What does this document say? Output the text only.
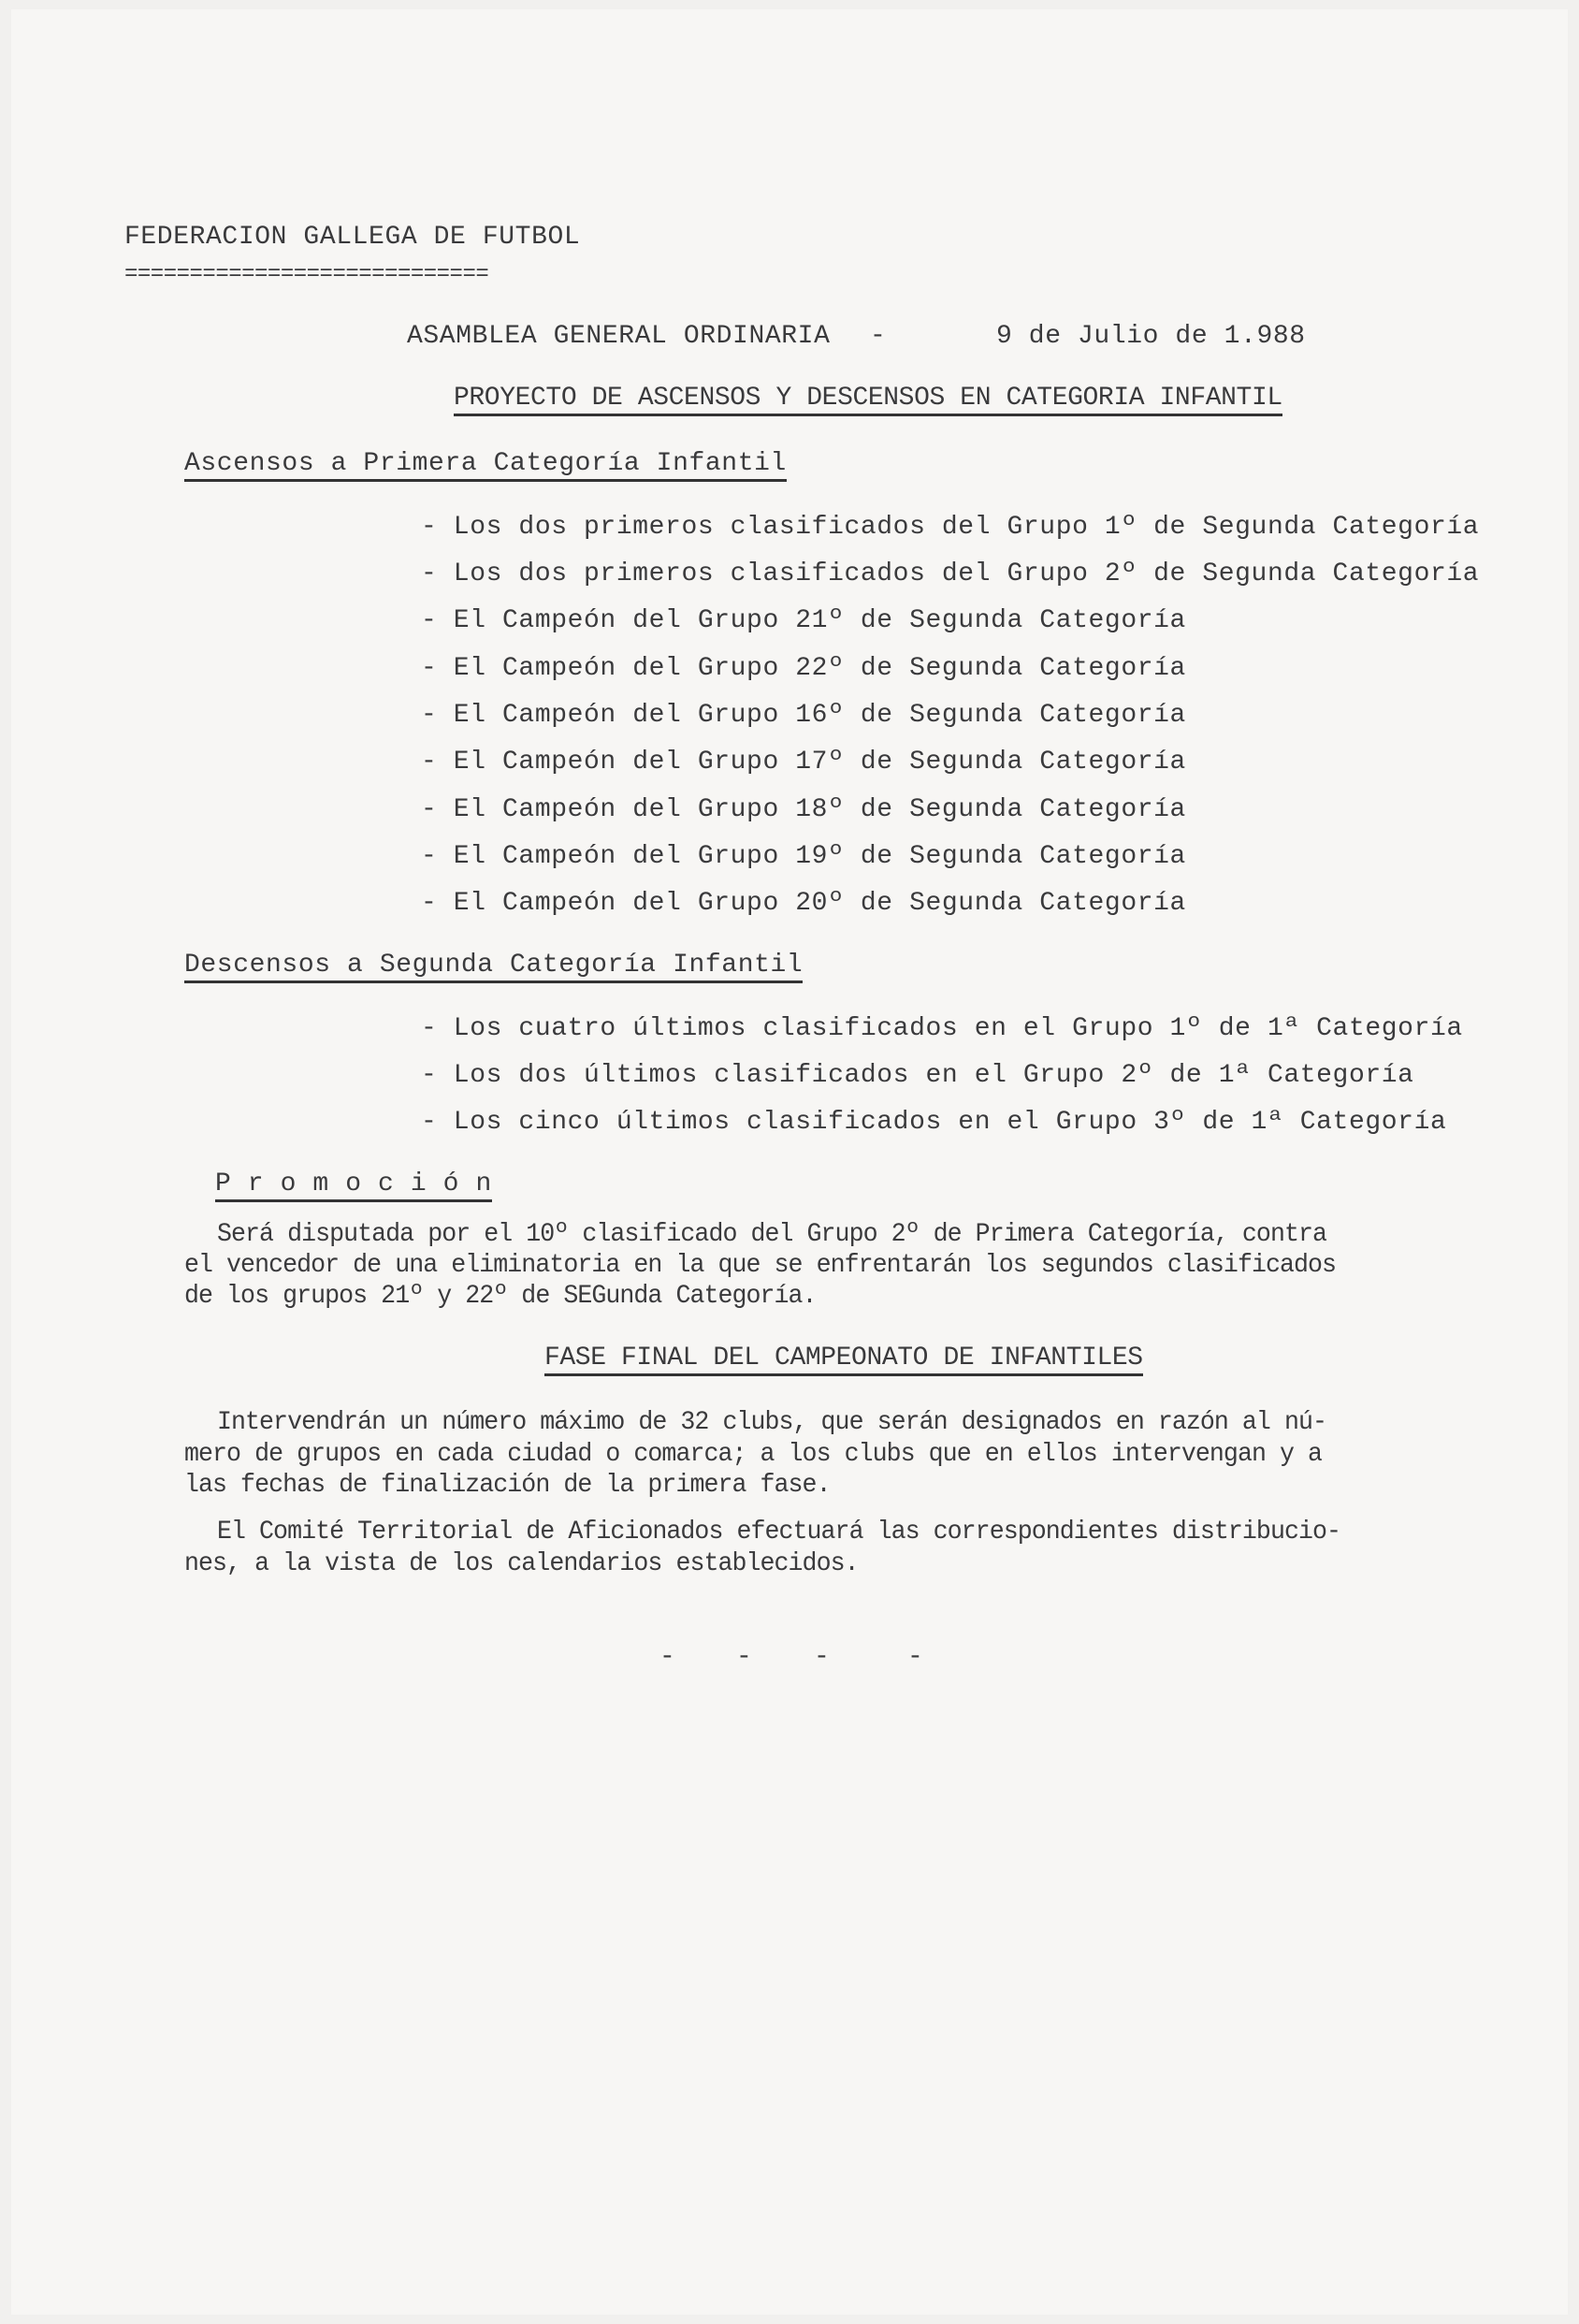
FEDERACION GALLEGA DE FUTBOL
============================
ASAMBLEA GENERAL ORDINARIA -	9 de Julio de 1.988
PROYECTO DE ASCENSOS Y DESCENSOS EN CATEGORIA INFANTIL
Ascensos a Primera Categoría Infantil
- Los dos primeros clasificados del Grupo 1º de Segunda Categoría
- Los dos primeros clasificados del Grupo 2º de Segunda Categoría
- El Campeón del Grupo 21º de Segunda Categoría
- El Campeón del Grupo 22º de Segunda Categoría
- El Campeón del Grupo 16º de Segunda Categoría
- El Campeón del Grupo 17º de Segunda Categoría
- El Campeón del Grupo 18º de Segunda Categoría
- El Campeón del Grupo 19º de Segunda Categoría
- El Campeón del Grupo 20º de Segunda Categoría
Descensos a Segunda Categoría Infantil
- Los cuatro últimos clasificados en el Grupo 1º de 1ª Categoría
- Los dos últimos clasificados en el Grupo 2º de 1ª Categoría
- Los cinco últimos clasificados en el Grupo 3º de 1ª Categoría
P r o m o c i ó n
Será disputada por el 10º clasificado del Grupo 2º de Primera Categoría, contra
el vencedor de una eliminatoria en la que se enfrentarán los segundos clasificados
de los grupos 21º y 22º de SEGunda Categoría.
FASE FINAL DEL CAMPEONATO DE INFANTILES
Intervendrán un número máximo de 32 clubs, que serán designados en razón al nú-
mero de grupos en cada ciudad o comarca; a los clubs que en ellos intervengan y a
las fechas de finalización de la primera fase.
El Comité Territorial de Aficionados efectuará las correspondientes distribucio-
nes, a la vista de los calendarios establecidos.
- - -	-
